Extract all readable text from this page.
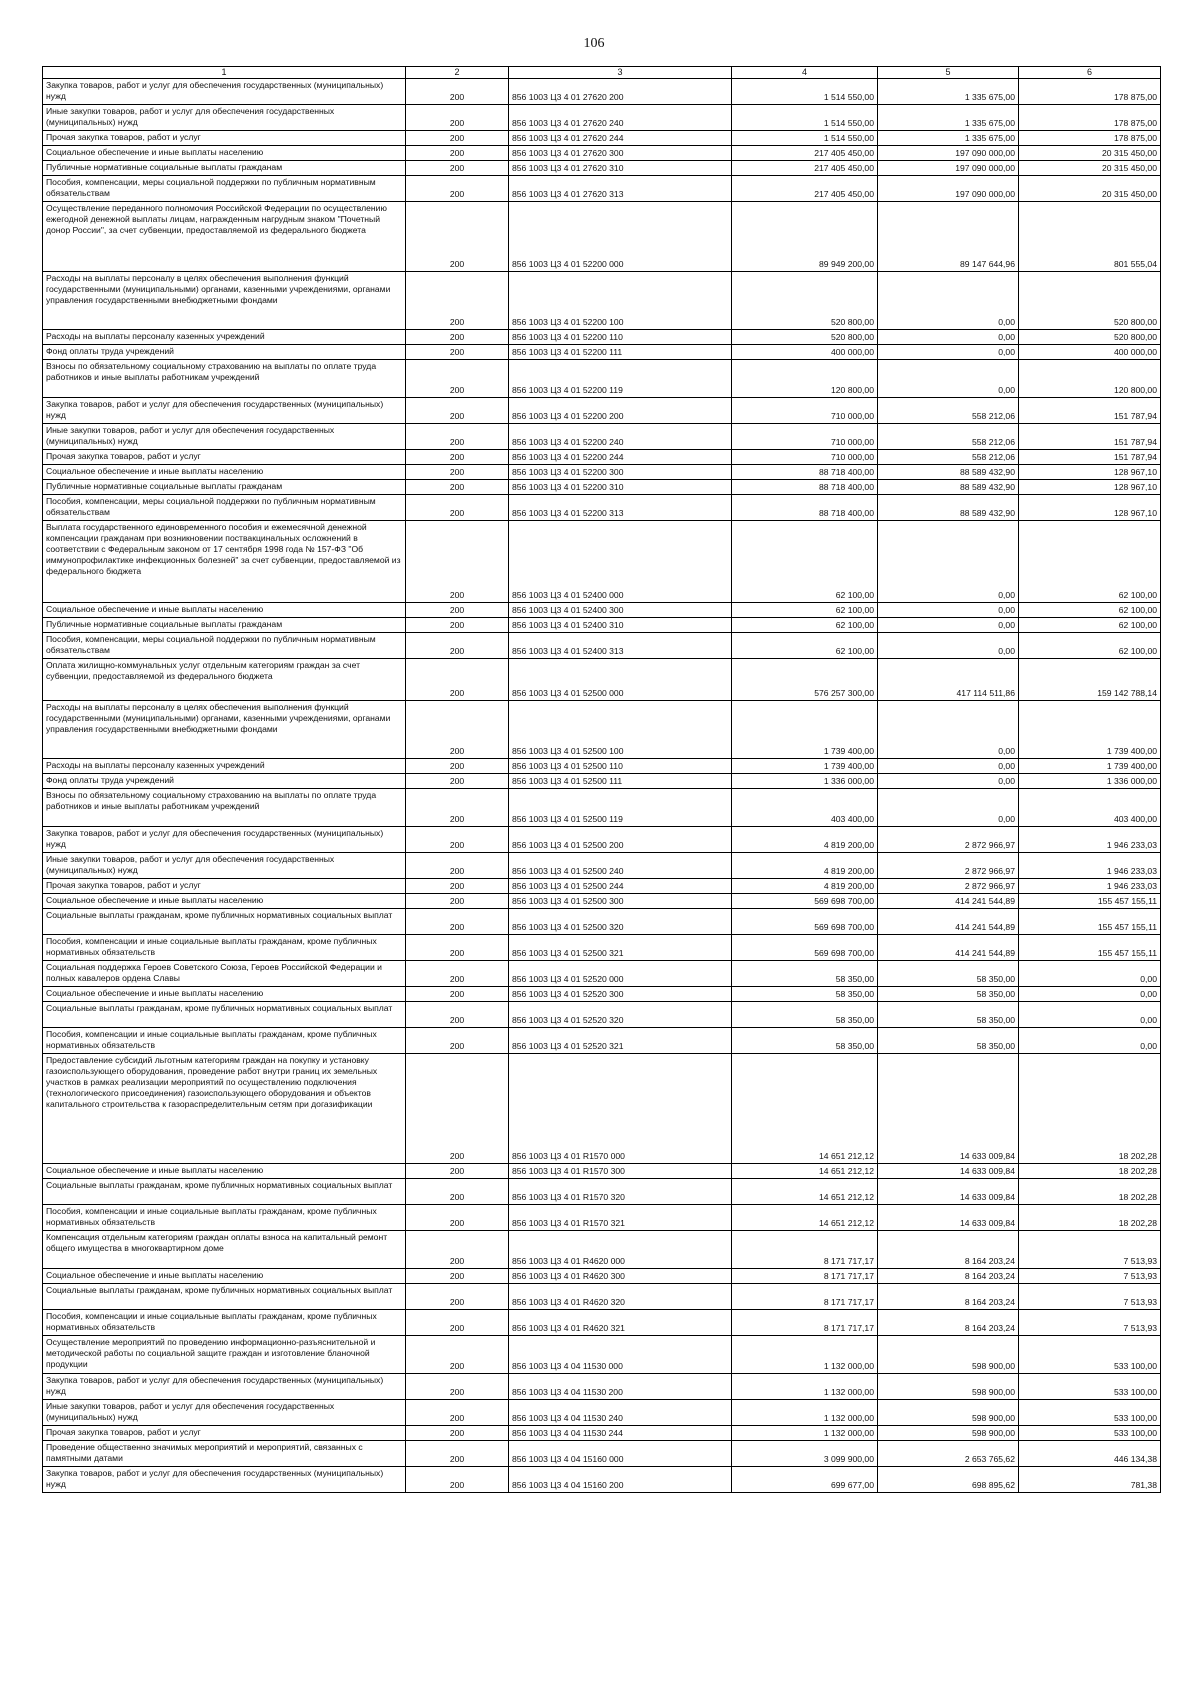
106
1	2	3	4	5	6
Закупка товаров, работ и услуг для обеспечения государственных (муниципальных) нужд	200	856 1003 Ц3 4 01 27620 200	1 514 550,00	1 335 675,00	178 875,00
Иные закупки товаров, работ и услуг для обеспечения государственных (муниципальных) нужд	200	856 1003 Ц3 4 01 27620 240	1 514 550,00	1 335 675,00	178 875,00
Прочая закупка товаров, работ и услуг	200	856 1003 Ц3 4 01 27620 244	1 514 550,00	1 335 675,00	178 875,00
Социальное обеспечение и иные выплаты населению	200	856 1003 Ц3 4 01 27620 300	217 405 450,00	197 090 000,00	20 315 450,00
Публичные нормативные социальные выплаты гражданам	200	856 1003 Ц3 4 01 27620 310	217 405 450,00	197 090 000,00	20 315 450,00
Пособия, компенсации, меры социальной поддержки по публичным нормативным обязательствам	200	856 1003 Ц3 4 01 27620 313	217 405 450,00	197 090 000,00	20 315 450,00
Осуществление переданного полномочия Российской Федерации по осуществлению ежегодной денежной выплаты лицам, награжденным нагрудным знаком "Почетный донор России", за счет субвенции, предоставляемой из федерального бюджета	200	856 1003 Ц3 4 01 52200 000	89 949 200,00	89 147 644,96	801 555,04
Расходы на выплаты персоналу в целях обеспечения выполнения функций государственными (муниципальными) органами, казенными учреждениями, органами управления государственными внебюджетными фондами	200	856 1003 Ц3 4 01 52200 100	520 800,00	0,00	520 800,00
Расходы на выплаты персоналу казенных учреждений	200	856 1003 Ц3 4 01 52200 110	520 800,00	0,00	520 800,00
Фонд оплаты труда учреждений	200	856 1003 Ц3 4 01 52200 111	400 000,00	0,00	400 000,00
Взносы по обязательному социальному страхованию на выплаты по оплате труда работников и иные выплаты работникам учреждений	200	856 1003 Ц3 4 01 52200 119	120 800,00	0,00	120 800,00
Закупка товаров, работ и услуг для обеспечения государственных (муниципальных) нужд	200	856 1003 Ц3 4 01 52200 200	710 000,00	558 212,06	151 787,94
Иные закупки товаров, работ и услуг для обеспечения государственных (муниципальных) нужд	200	856 1003 Ц3 4 01 52200 240	710 000,00	558 212,06	151 787,94
Прочая закупка товаров, работ и услуг	200	856 1003 Ц3 4 01 52200 244	710 000,00	558 212,06	151 787,94
Социальное обеспечение и иные выплаты населению	200	856 1003 Ц3 4 01 52200 300	88 718 400,00	88 589 432,90	128 967,10
Публичные нормативные социальные выплаты гражданам	200	856 1003 Ц3 4 01 52200 310	88 718 400,00	88 589 432,90	128 967,10
Пособия, компенсации, меры социальной поддержки по публичным нормативным обязательствам	200	856 1003 Ц3 4 01 52200 313	88 718 400,00	88 589 432,90	128 967,10
Выплата государственного единовременного пособия и ежемесячной денежной компенсации гражданам при возникновении поствакцинальных осложнений в соответствии с Федеральным законом от 17 сентября 1998 года № 157-ФЗ "Об иммунопрофилактике инфекционных болезней" за счет субвенции, предоставляемой из федерального бюджета	200	856 1003 Ц3 4 01 52400 000	62 100,00	0,00	62 100,00
Социальное обеспечение и иные выплаты населению	200	856 1003 Ц3 4 01 52400 300	62 100,00	0,00	62 100,00
Публичные нормативные социальные выплаты гражданам	200	856 1003 Ц3 4 01 52400 310	62 100,00	0,00	62 100,00
Пособия, компенсации, меры социальной поддержки по публичным нормативным обязательствам	200	856 1003 Ц3 4 01 52400 313	62 100,00	0,00	62 100,00
Оплата жилищно-коммунальных услуг отдельным категориям граждан за счет субвенции, предоставляемой из федерального бюджета	200	856 1003 Ц3 4 01 52500 000	576 257 300,00	417 114 511,86	159 142 788,14
Расходы на выплаты персоналу в целях обеспечения выполнения функций государственными (муниципальными) органами, казенными учреждениями, органами управления государственными внебюджетными фондами	200	856 1003 Ц3 4 01 52500 100	1 739 400,00	0,00	1 739 400,00
Расходы на выплаты персоналу казенных учреждений	200	856 1003 Ц3 4 01 52500 110	1 739 400,00	0,00	1 739 400,00
Фонд оплаты труда учреждений	200	856 1003 Ц3 4 01 52500 111	1 336 000,00	0,00	1 336 000,00
Взносы по обязательному социальному страхованию на выплаты по оплате труда работников и иные выплаты работникам учреждений	200	856 1003 Ц3 4 01 52500 119	403 400,00	0,00	403 400,00
Закупка товаров, работ и услуг для обеспечения государственных (муниципальных) нужд	200	856 1003 Ц3 4 01 52500 200	4 819 200,00	2 872 966,97	1 946 233,03
Иные закупки товаров, работ и услуг для обеспечения государственных (муниципальных) нужд	200	856 1003 Ц3 4 01 52500 240	4 819 200,00	2 872 966,97	1 946 233,03
Прочая закупка товаров, работ и услуг	200	856 1003 Ц3 4 01 52500 244	4 819 200,00	2 872 966,97	1 946 233,03
Социальное обеспечение и иные выплаты населению	200	856 1003 Ц3 4 01 52500 300	569 698 700,00	414 241 544,89	155 457 155,11
Социальные выплаты гражданам, кроме публичных нормативных социальных выплат	200	856 1003 Ц3 4 01 52500 320	569 698 700,00	414 241 544,89	155 457 155,11
Пособия, компенсации и иные социальные выплаты гражданам, кроме публичных нормативных обязательств	200	856 1003 Ц3 4 01 52500 321	569 698 700,00	414 241 544,89	155 457 155,11
Социальная поддержка Героев Советского Союза, Героев Российской Федерации и полных кавалеров ордена Славы	200	856 1003 Ц3 4 01 52520 000	58 350,00	58 350,00	0,00
Социальное обеспечение и иные выплаты населению	200	856 1003 Ц3 4 01 52520 300	58 350,00	58 350,00	0,00
Социальные выплаты гражданам, кроме публичных нормативных социальных выплат	200	856 1003 Ц3 4 01 52520 320	58 350,00	58 350,00	0,00
Пособия, компенсации и иные социальные выплаты гражданам, кроме публичных нормативных обязательств	200	856 1003 Ц3 4 01 52520 321	58 350,00	58 350,00	0,00
Предоставление субсидий льготным категориям граждан на покупку и установку газоиспользующего оборудования, проведение работ внутри границ их земельных участков в рамках реализации мероприятий по осуществлению подключения (технологического присоединения) газоиспользующего оборудования и объектов капитального строительства к газораспределительным сетям при догазификации	200	856 1003 Ц3 4 01 R1570 000	14 651 212,12	14 633 009,84	18 202,28
Социальное обеспечение и иные выплаты населению	200	856 1003 Ц3 4 01 R1570 300	14 651 212,12	14 633 009,84	18 202,28
Социальные выплаты гражданам, кроме публичных нормативных социальных выплат	200	856 1003 Ц3 4 01 R1570 320	14 651 212,12	14 633 009,84	18 202,28
Пособия, компенсации и иные социальные выплаты гражданам, кроме публичных нормативных обязательств	200	856 1003 Ц3 4 01 R1570 321	14 651 212,12	14 633 009,84	18 202,28
Компенсация отдельным категориям граждан оплаты взноса на капитальный ремонт общего имущества в многоквартирном доме	200	856 1003 Ц3 4 01 R4620 000	8 171 717,17	8 164 203,24	7 513,93
Социальное обеспечение и иные выплаты населению	200	856 1003 Ц3 4 01 R4620 300	8 171 717,17	8 164 203,24	7 513,93
Социальные выплаты гражданам, кроме публичных нормативных социальных выплат	200	856 1003 Ц3 4 01 R4620 320	8 171 717,17	8 164 203,24	7 513,93
Пособия, компенсации и иные социальные выплаты гражданам, кроме публичных нормативных обязательств	200	856 1003 Ц3 4 01 R4620 321	8 171 717,17	8 164 203,24	7 513,93
Осуществление мероприятий по проведению информационно-разъяснительной и методической работы по социальной защите граждан и изготовление бланочной продукции	200	856 1003 Ц3 4 04 11530 000	1 132 000,00	598 900,00	533 100,00
Закупка товаров, работ и услуг для обеспечения государственных (муниципальных) нужд	200	856 1003 Ц3 4 04 11530 200	1 132 000,00	598 900,00	533 100,00
Иные закупки товаров, работ и услуг для обеспечения государственных (муниципальных) нужд	200	856 1003 Ц3 4 04 11530 240	1 132 000,00	598 900,00	533 100,00
Прочая закупка товаров, работ и услуг	200	856 1003 Ц3 4 04 11530 244	1 132 000,00	598 900,00	533 100,00
Проведение общественно значимых мероприятий и мероприятий, связанных с памятными датами	200	856 1003 Ц3 4 04 15160 000	3 099 900,00	2 653 765,62	446 134,38
Закупка товаров, работ и услуг для обеспечения государственных (муниципальных) нужд	200	856 1003 Ц3 4 04 15160 200	699 677,00	698 895,62	781,38
